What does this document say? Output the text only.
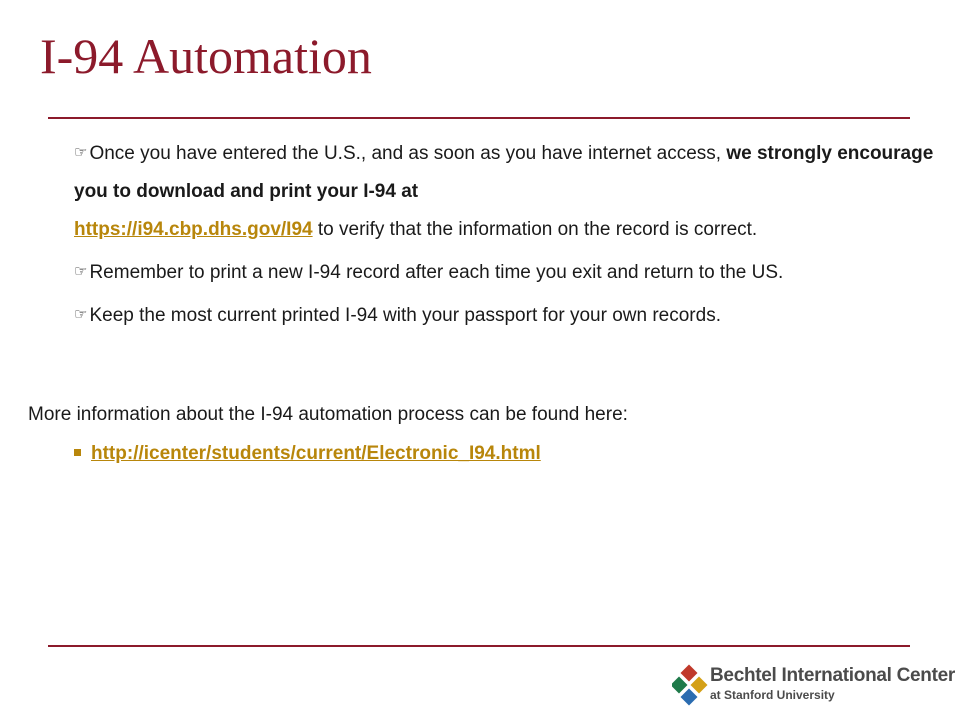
I-94 Automation

☞ Once you have entered the U.S., and as soon as you have internet access, we strongly encourage you to download and print your I-94 at
https://i94.cbp.dhs.gov/I94 to verify that the information on the record is correct.

☞ Remember to print a new I-94 record after each time you exit and return to the US.

☞ Keep the most current printed I-94 with your passport for your own records.

More information about the I-94 automation process can be found here:

http://icenter/students/current/Electronic_I94.html
Bechtel International Center
at Stanford University
